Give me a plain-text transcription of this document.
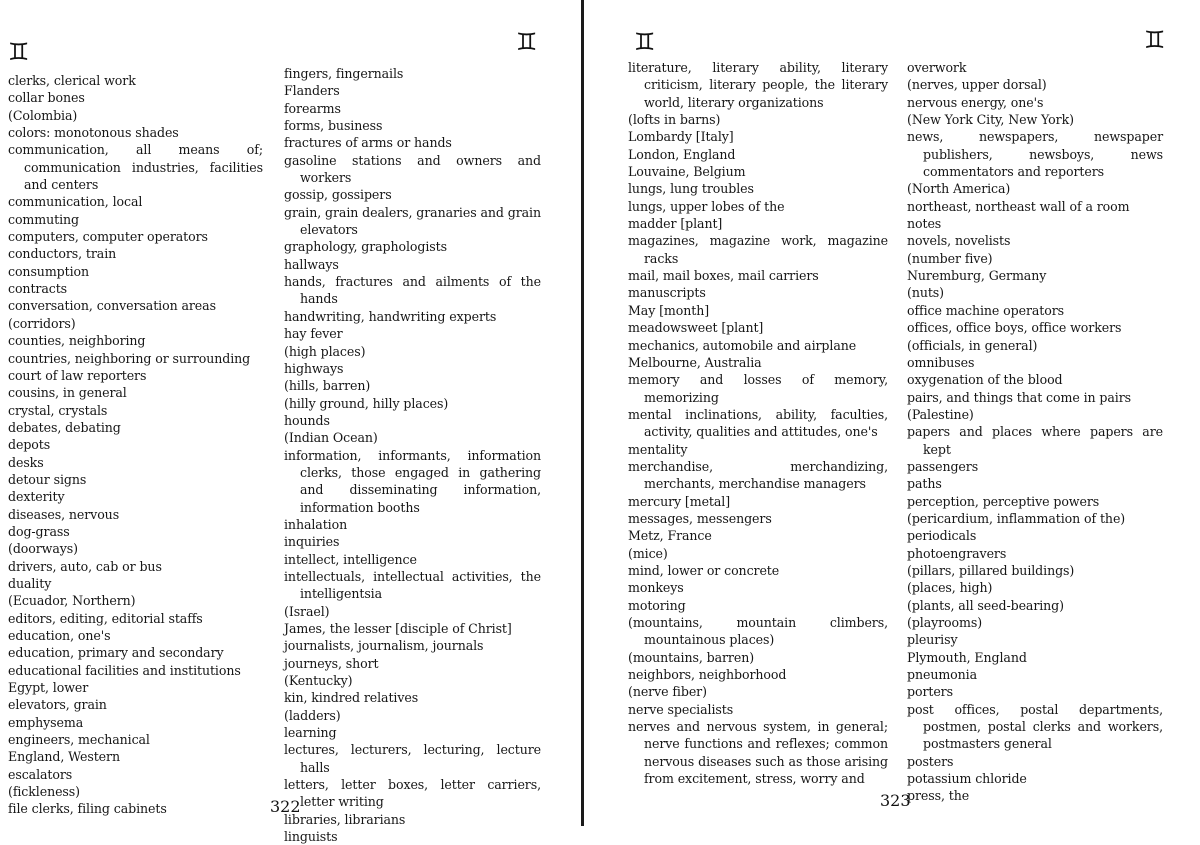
♊	♊	♊	♊
clerks, clerical work
collar bones
(Colombia)
colors: monotonous shades
communication, all means of; communication industries, facilities and centers
communication, local
commuting
computers, computer operators
conductors, train
consumption
contracts
conversation, conversation areas
(corridors)
counties, neighboring
countries, neighboring or surrounding
court of law reporters
cousins, in general
crystal, crystals
debates, debating
depots
desks
detour signs
dexterity
diseases, nervous
dog-grass
(doorways)
drivers, auto, cab or bus
duality
(Ecuador, Northern)
editors, editing, editorial staffs
education, one's
education, primary and secondary
educational facilities and institutions
Egypt, lower
elevators, grain
emphysema
engineers, mechanical
England, Western
escalators
(fickleness)
file clerks, filing cabinets
fingers, fingernails
Flanders
forearms
forms, business
fractures of arms or hands
gasoline stations and owners and workers
gossip, gossipers
grain, grain dealers, granaries and grain elevators
graphology, graphologists
hallways
hands, fractures and ailments of the hands
handwriting, handwriting experts
hay fever
(high places)
highways
(hills, barren)
(hilly ground, hilly places)
hounds
(Indian Ocean)
information, informants, information clerks, those engaged in gathering and disseminating information, information booths
inhalation
inquiries
intellect, intelligence
intellectuals, intellectual activities, the intelligentsia
(Israel)
James, the lesser [disciple of Christ]
journalists, journalism, journals
journeys, short
(Kentucky)
kin, kindred relatives
(ladders)
learning
lectures, lecturers, lecturing, lecture halls
letters, letter boxes, letter carriers, letter writing
libraries, librarians
linguists
322
literature, literary ability, literary criticism, literary people, the literary world, literary organizations
(lofts in barns)
Lombardy [Italy]
London, England
Louvaine, Belgium
lungs, lung troubles
lungs, upper lobes of the
madder [plant]
magazines, magazine work, magazine racks
mail, mail boxes, mail carriers
manuscripts
May [month]
meadowsweet [plant]
mechanics, automobile and airplane
Melbourne, Australia
memory and losses of memory, memorizing
mental inclinations, ability, faculties, activity, qualities and attitudes, one's
mentality
merchandise, merchandizing, merchants, merchandise managers
mercury [metal]
messages, messengers
Metz, France
(mice)
mind, lower or concrete
monkeys
motoring
(mountains, mountain climbers, mountainous places)
(mountains, barren)
neighbors, neighborhood
(nerve fiber)
nerve specialists
nerves and nervous system, in general; nerve functions and reflexes; common nervous diseases such as those arising from excitement, stress, worry and
overwork
(nerves, upper dorsal)
nervous energy, one's
(New York City, New York)
news, newspapers, newspaper publishers, newsboys, news commentators and reporters
(North America)
northeast, northeast wall of a room
notes
novels, novelists
(number five)
Nuremburg, Germany
(nuts)
office machine operators
offices, office boys, office workers
(officials, in general)
omnibuses
oxygenation of the blood
pairs, and things that come in pairs
(Palestine)
papers and places where papers are kept
passengers
paths
perception, perceptive powers
(pericardium, inflammation of the)
periodicals
photoengravers
(pillars, pillared buildings)
(places, high)
(plants, all seed-bearing)
(playrooms)
pleurisy
Plymouth, England
pneumonia
porters
post offices, postal departments, postmen, postal clerks and workers, postmasters general
posters
potassium chloride
press, the
323
